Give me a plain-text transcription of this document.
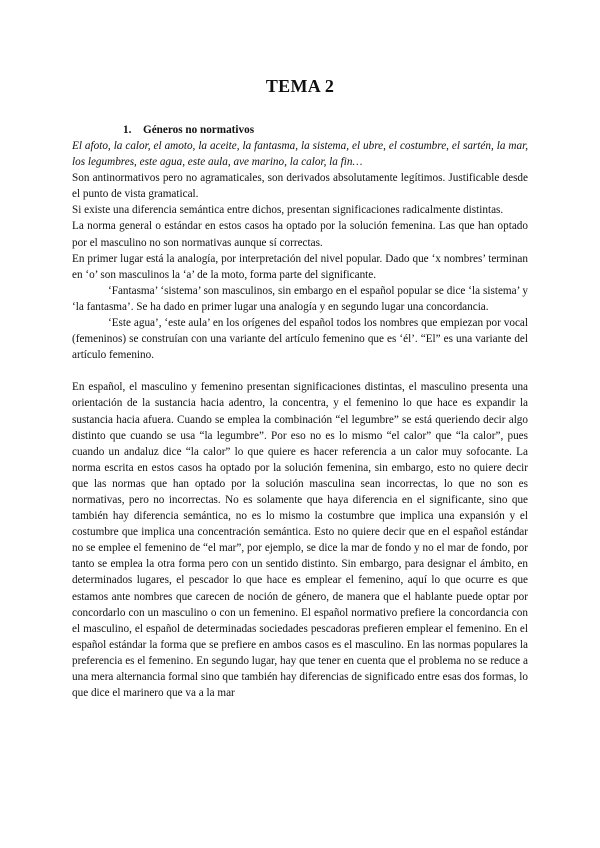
TEMA 2
1. Géneros no normativos

El afoto, la calor, el amoto, la aceite, la fantasma, la sistema, el ubre, el costumbre, el sartén, la mar, los legumbres, este agua, este aula, ave marino, la calor, la fin…

Son antinormativos pero no agramaticales, son derivados absolutamente legítimos. Justificable desde el punto de vista gramatical.

Si existe una diferencia semántica entre dichos, presentan significaciones radicalmente distintas.

La norma general o estándar en estos casos ha optado por la solución femenina. Las que han optado por el masculino no son normativas aunque sí correctas.

En primer lugar está la analogía, por interpretación del nivel popular. Dado que ‘x nombres’ terminan en ‘o’ son masculinos la ‘a’ de la moto, forma parte del significante.

‘Fantasma’ ‘sistema’ son masculinos, sin embargo en el español popular se dice ‘la sistema’ y ‘la fantasma’. Se ha dado en primer lugar una analogía y en segundo lugar una concordancia.

‘Este agua’, ‘este aula’ en los orígenes del español todos los nombres que empiezan por vocal (femeninos) se construían con una variante del artículo femenino que es ‘él’. “El” es una variante del artículo femenino.

En español, el masculino y femenino presentan significaciones distintas, el masculino presenta una orientación de la sustancia hacia adentro, la concentra, y el femenino lo que hace es expandir la sustancia hacia afuera. Cuando se emplea la combinación “el legumbre” se está queriendo decir algo distinto que cuando se usa “la legumbre”. Por eso no es lo mismo “el calor” que “la calor”, pues cuando un andaluz dice “la calor” lo que quiere es hacer referencia a un calor muy sofocante. La norma escrita en estos casos ha optado por la solución femenina, sin embargo, esto no quiere decir que las normas que han optado por la solución masculina sean incorrectas, lo que no son es normativas, pero no incorrectas. No es solamente que haya diferencia en el significante, sino que también hay diferencia semántica, no es lo mismo la costumbre que implica una expansión y el costumbre que implica una concentración semántica. Esto no quiere decir que en el español estándar no se emplee el femenino de “el mar”, por ejemplo, se dice la mar de fondo y no el mar de fondo, por tanto se emplea la otra forma pero con un sentido distinto. Sin embargo, para designar el ámbito, en determinados lugares, el pescador lo que hace es emplear el femenino, aquí lo que ocurre es que estamos ante nombres que carecen de noción de género, de manera que el hablante puede optar por concordarlo con un masculino o con un femenino. El español normativo prefiere la concordancia con el masculino, el español de determinadas sociedades pescadoras prefieren emplear el femenino. En el español estándar la forma que se prefiere en ambos casos es el masculino. En las normas populares la preferencia es el femenino. En segundo lugar, hay que tener en cuenta que el problema no se reduce a una mera alternancia formal sino que también hay diferencias de significado entre esas dos formas, lo que dice el marinero que va a la mar
